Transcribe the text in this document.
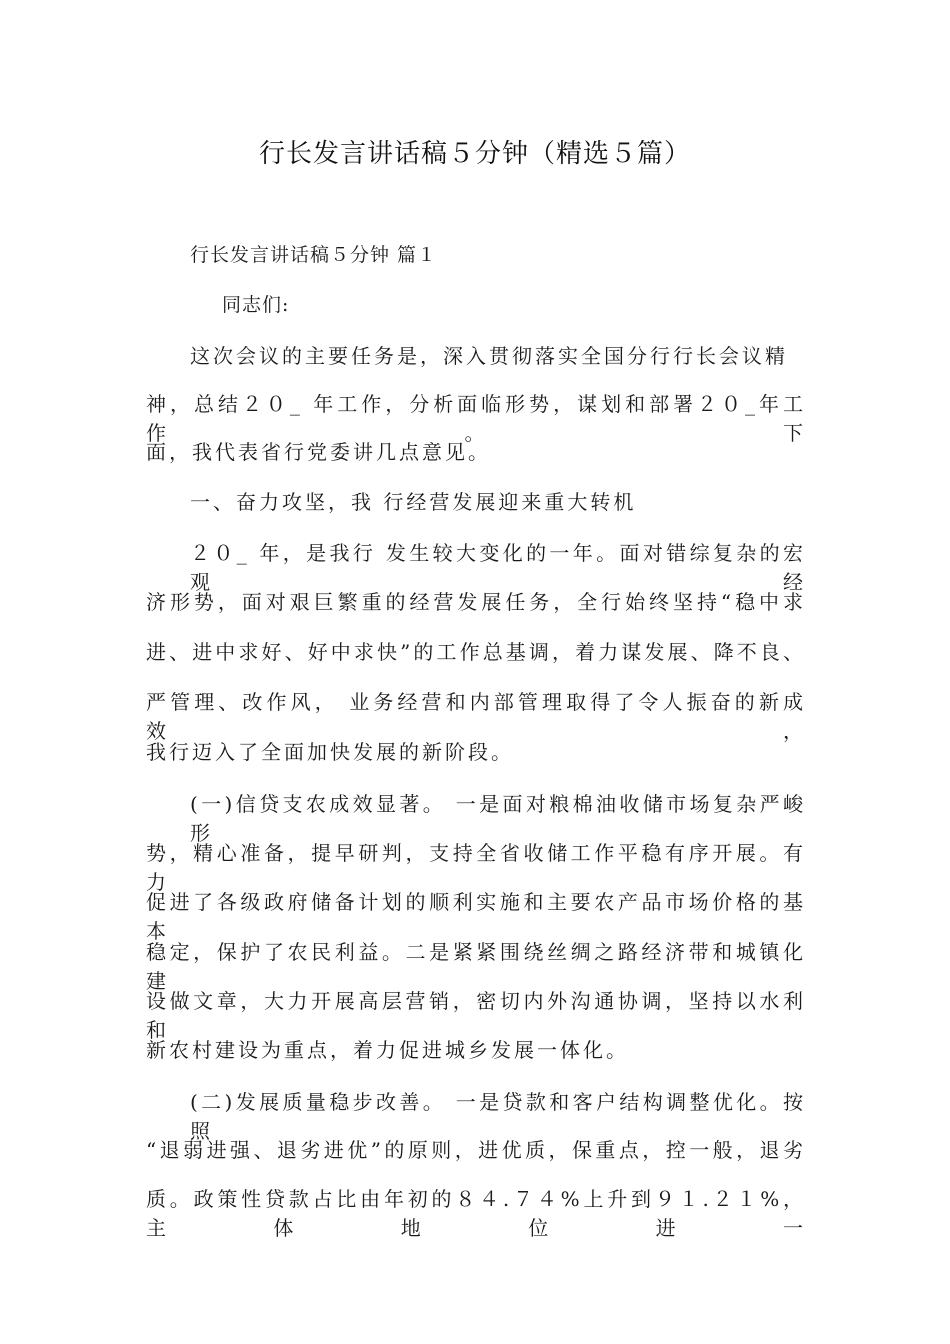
行长发言讲话稿５分钟（精选５篇）

行长发言讲话稿５分钟 篇１

同志们:

这次会议的主要任务是，深入贯彻落实全国分行行长会议精

神，总结２０_ 年工作，分析面临形势，谋划和部署２０_年工作。下

面，我代表省行党委讲几点意见。

一、奋力攻坚，我 行经营发展迎来重大转机

２０_ 年，是我行 发生较大变化的一年。面对错综复杂的宏观经

济形势，面对艰巨繁重的经营发展任务，全行始终坚持“稳中求

进、进中求好、好中求快”的工作总基调，着力谋发展、降不良、

严管理、改作风， 业务经营和内部管理取得了令人振奋的新成效，

我行迈入了全面加快发展的新阶段。

(一)信贷支农成效显著。 一是面对粮棉油收储市场复杂严峻形

势，精心准备，提早研判，支持全省收储工作平稳有序开展。有力

促进了各级政府储备计划的顺利实施和主要农产品市场价格的基本

稳定，保护了农民利益。二是紧紧围绕丝绸之路经济带和城镇化建

设做文章，大力开展高层营销，密切内外沟通协调，坚持以水利和

新农村建设为重点，着力促进城乡发展一体化。

(二)发展质量稳步改善。 一是贷款和客户结构调整优化。按照

“退弱进强、退劣进优”的原则，进优质，保重点，控一般，退劣

质。政策性贷款占比由年初的８４.７４%上升到９１.２１%，主体地位进一
